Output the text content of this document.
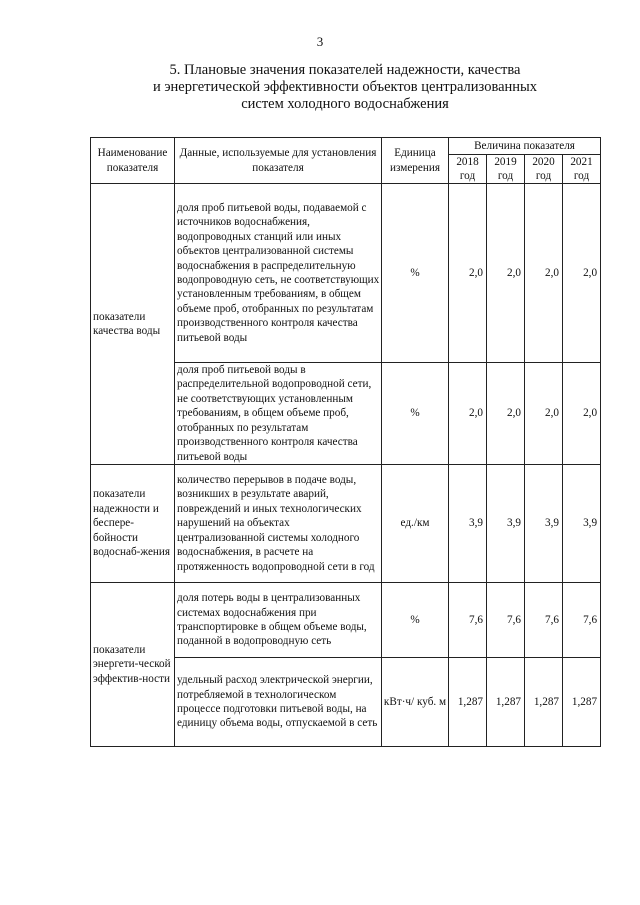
3
5. Плановые значения показателей надежности, качества
и энергетической эффективности объектов централизованных
систем холодного водоснабжения
Наименование показателя	Данные, используемые для установления показателя	Единица измерения	Величина показателя			
			2018 год	2019 год	2020 год	2021 год
показатели качества воды	доля проб питьевой воды, подаваемой с источников водоснабжения, водопроводных станций или иных объектов централизованной системы водоснабжения в распределительную водопроводную сеть, не соответствующих установленным требованиям, в общем объеме проб, отобранных по результатам производственного контроля качества питьевой воды	%	2,0	2,0	2,0	2,0
	доля проб питьевой воды в распределительной водопроводной сети, не соответствующих установленным требованиям, в общем объеме проб, отобранных по результатам производственного контроля качества питьевой воды	%	2,0	2,0	2,0	2,0
показатели надежности и беспере-бойности водоснаб-жения	количество перерывов в подаче воды, возникших в результате аварий, повреждений и иных технологических нарушений на объектах централизованной системы холодного водоснабжения, в расчете на протяженность водопроводной сети в год	ед./км	3,9	3,9	3,9	3,9
показатели энергети-ческой эффектив-ности	доля потерь воды в централизованных системах водоснабжения при транспортировке в общем объеме воды, поданной в водопроводную сеть	%	7,6	7,6	7,6	7,6
	удельный расход электрической энергии, потребляемой в технологическом процессе подготовки питьевой воды, на единицу объема воды, отпускаемой в сеть	кВт·ч/ куб. м	1,287	1,287	1,287	1,287
